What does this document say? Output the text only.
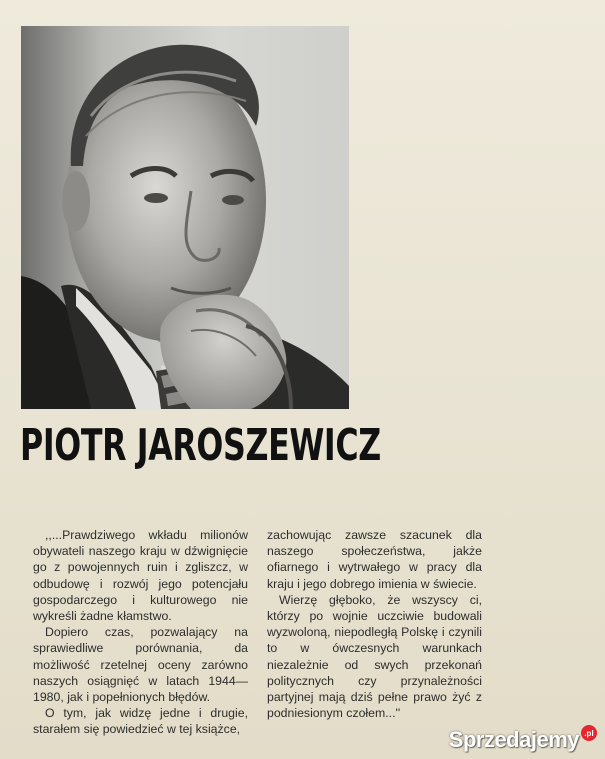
PIOTR JAROSZEWICZ

,,...Prawdziwego wkładu milionów obywateli naszego kraju w dźwignięcie go z powojennych ruin i zgliszcz, w odbudowę i rozwój jego potencjału gospodarczego i kulturowego nie wykreśli żadne kłamstwo.

Dopiero czas, pozwalający na sprawiedliwe porównania, da możliwość rzetelnej oceny zarówno naszych osiągnięć w latach 1944—1980, jak i popełnionych błędów.

O tym, jak widzę jedne i drugie, starałem się powiedzieć w tej książce,

zachowując zawsze szacunek dla naszego społeczeństwa, jakże ofiarnego i wytrwałego w pracy dla kraju i jego dobrego imienia w świecie.

Wierzę głęboko, że wszyscy ci, którzy po wojnie uczciwie budowali wyzwoloną, niepodległą Polskę i czynili to w ówczesnych warunkach niezależnie od swych przekonań politycznych czy przynależności partyjnej mają dziś pełne prawo żyć z podniesionym czołem...''

Sprzedajemy .pl
